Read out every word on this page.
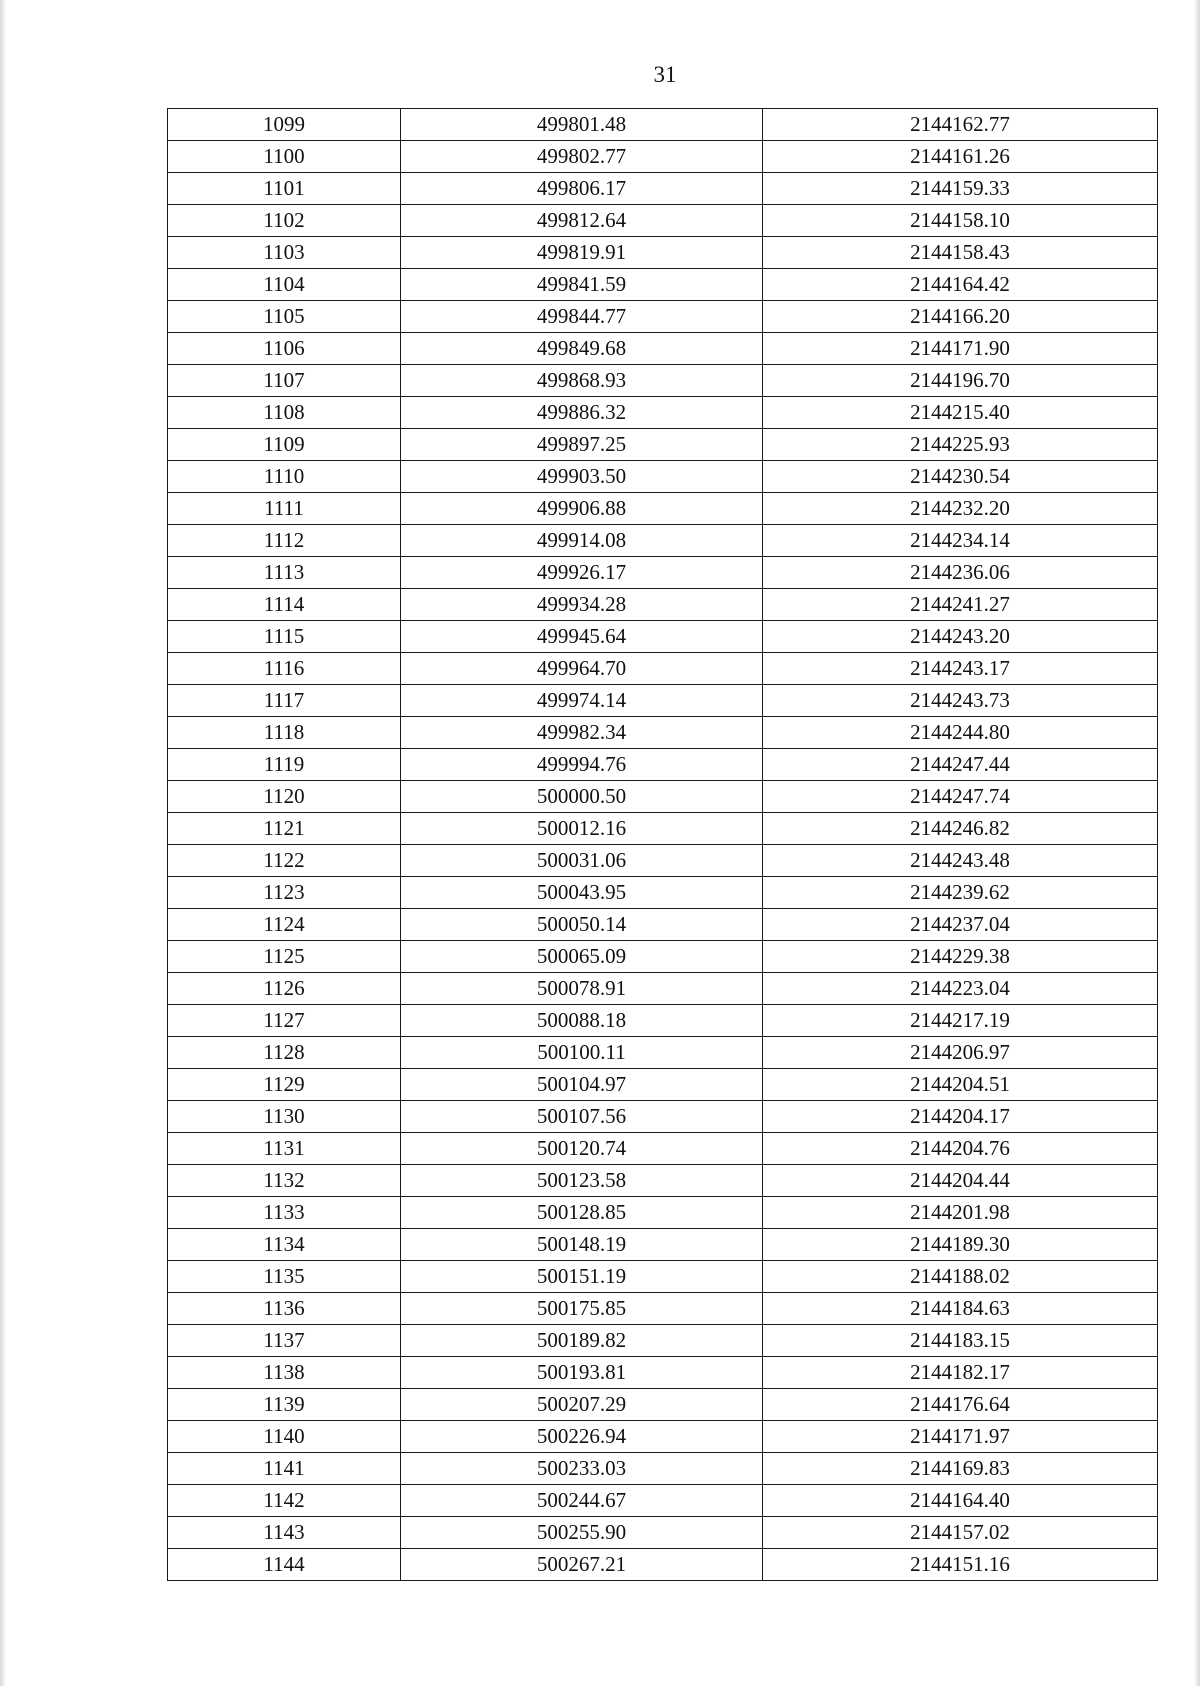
31
1099	499801.48	2144162.77
1100	499802.77	2144161.26
1101	499806.17	2144159.33
1102	499812.64	2144158.10
1103	499819.91	2144158.43
1104	499841.59	2144164.42
1105	499844.77	2144166.20
1106	499849.68	2144171.90
1107	499868.93	2144196.70
1108	499886.32	2144215.40
1109	499897.25	2144225.93
1110	499903.50	2144230.54
1111	499906.88	2144232.20
1112	499914.08	2144234.14
1113	499926.17	2144236.06
1114	499934.28	2144241.27
1115	499945.64	2144243.20
1116	499964.70	2144243.17
1117	499974.14	2144243.73
1118	499982.34	2144244.80
1119	499994.76	2144247.44
1120	500000.50	2144247.74
1121	500012.16	2144246.82
1122	500031.06	2144243.48
1123	500043.95	2144239.62
1124	500050.14	2144237.04
1125	500065.09	2144229.38
1126	500078.91	2144223.04
1127	500088.18	2144217.19
1128	500100.11	2144206.97
1129	500104.97	2144204.51
1130	500107.56	2144204.17
1131	500120.74	2144204.76
1132	500123.58	2144204.44
1133	500128.85	2144201.98
1134	500148.19	2144189.30
1135	500151.19	2144188.02
1136	500175.85	2144184.63
1137	500189.82	2144183.15
1138	500193.81	2144182.17
1139	500207.29	2144176.64
1140	500226.94	2144171.97
1141	500233.03	2144169.83
1142	500244.67	2144164.40
1143	500255.90	2144157.02
1144	500267.21	2144151.16
